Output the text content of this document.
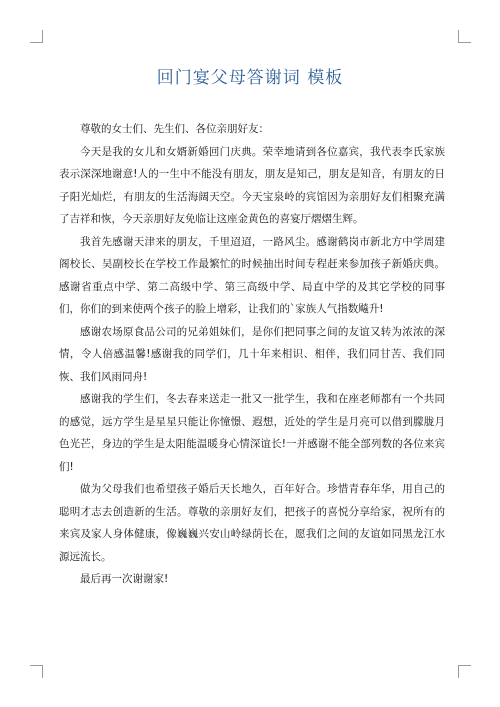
回门宴父母答谢词 模板

尊敬的女士们、先生们、各位亲朋好友：

今天是我的女儿和女婿新婚回门庆典。荣幸地请到各位嘉宾，我代表李氏家族表示深深地谢意!人的一生中不能没有朋友，朋友是知己，朋友是知音，有朋友的日子阳光灿烂，有朋友的生活海阔天空。今天宝泉岭的宾馆因为亲朋好友们相聚充满了吉祥和恢，今天亲朋好友免临让这座金黄色的喜宴厅熠熠生辉。

我首先感谢天津来的朋友，千里迢迢，一路风尘。感谢鹤岗市新北方中学周建阁校长、吴副校长在学校工作最繁忙的时候抽出时间专程赶来参加孩子新婚庆典。感谢省重点中学、第二高级中学、第三高级中学、局直中学的及其它学校的同事们，你们的到来使两个孩子的脸上增彩，让我们的`家族人气指数飚升!

感谢农场原食品公司的兄弟姐妹们，是你们把同事之间的友谊又转为浓浓的深情，令人倍感温馨!感谢我的同学们，几十年来相识、相伴，我们同甘苦、我们同恢、我们风雨同舟!

感谢我的学生们，冬去春来送走一批又一批学生，我和在座老师都有一个共同的感觉，远方学生是星星只能让你憧憬、遐想，近处的学生是月亮可以借到朦胧月色光芒，身边的学生是太阳能温暖身心情深谊长!一并感谢不能全部列数的各位来宾们!

做为父母我们也希望孩子婚后天长地久，百年好合。珍惜青春年华，用自己的聪明才志去创造新的生活。尊敬的亲朋好友们，把孩子的喜悦分享给家，祝所有的来宾及家人身体健康，像巍巍兴安山岭绿荫长在，愿我们之间的友谊如同黑龙江水源远流长。

最后再一次谢谢家!
